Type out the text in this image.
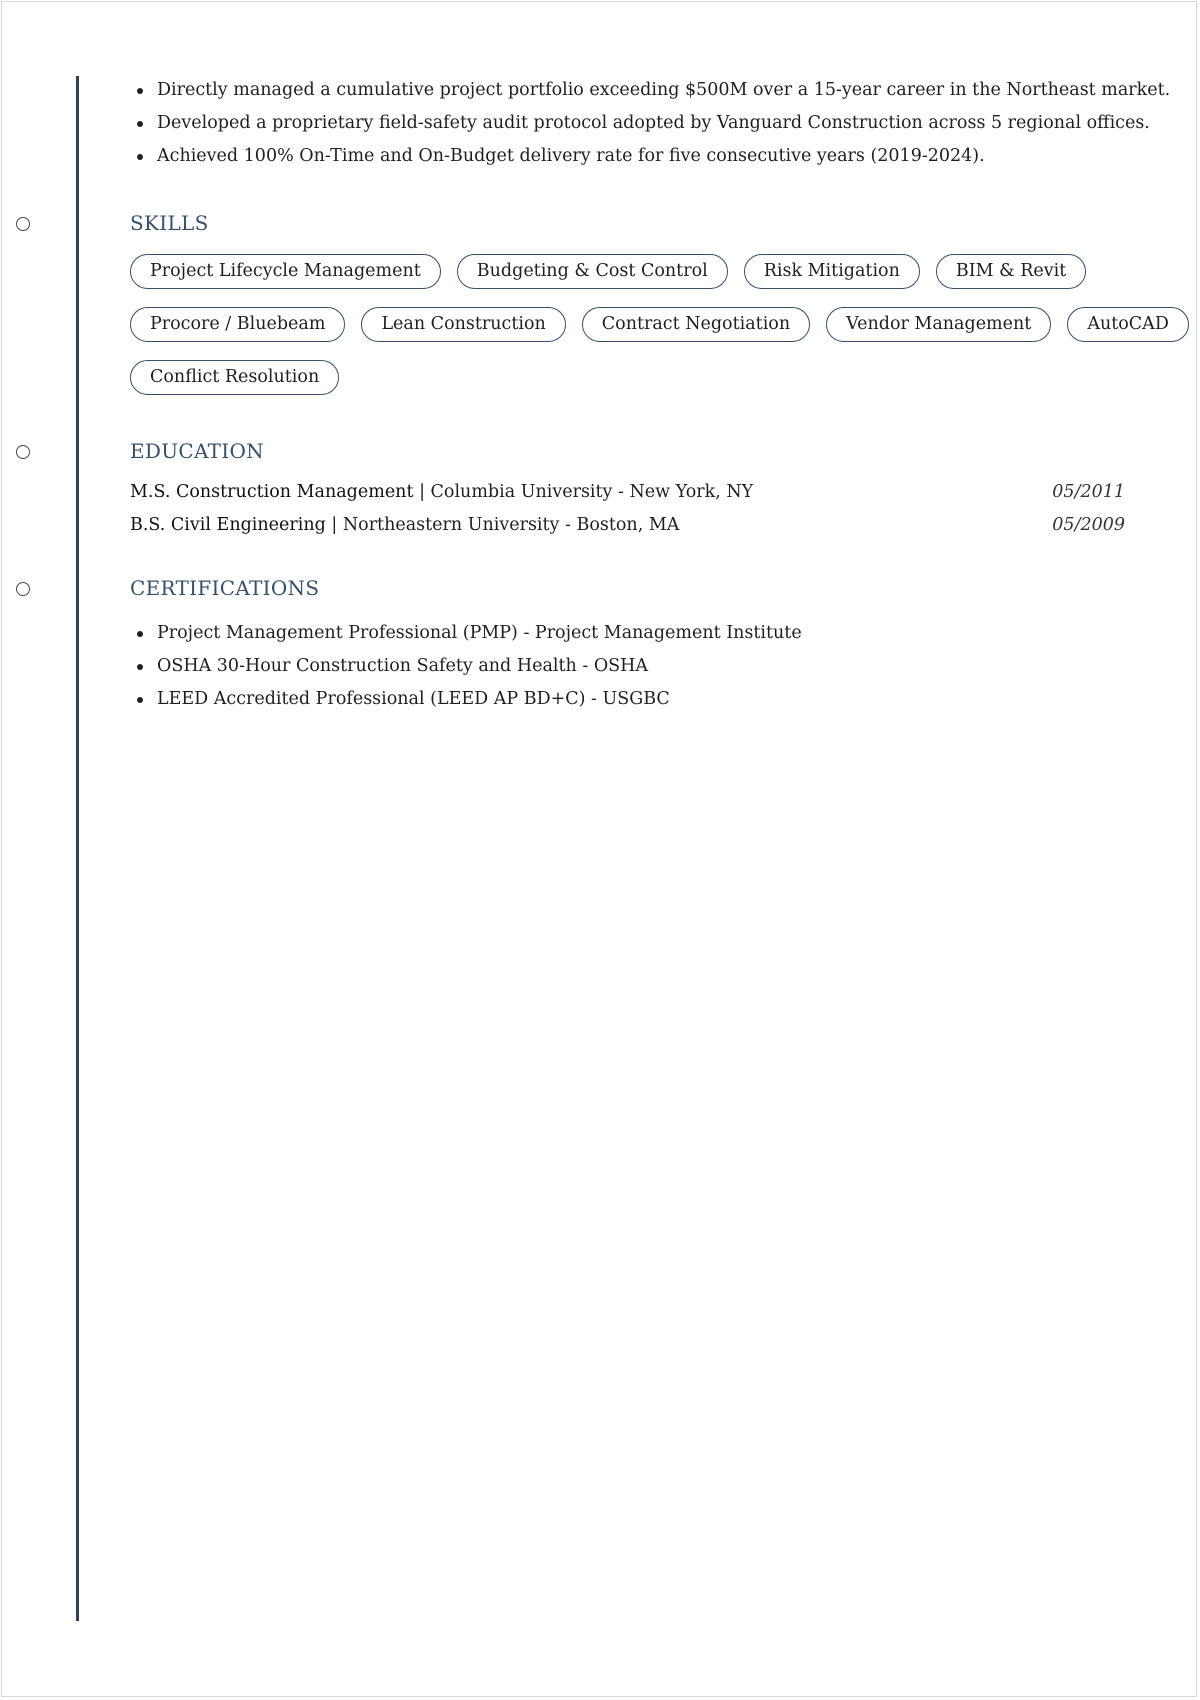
Directly managed a cumulative project portfolio exceeding $500M over a 15-year career in the Northeast market.
Developed a proprietary field-safety audit protocol adopted by Vanguard Construction across 5 regional offices.
Achieved 100% On-Time and On-Budget delivery rate for five consecutive years (2019-2024).
SKILLS
Project Lifecycle Management	Budgeting & Cost Control	Risk Mitigation	BIM & Revit
Procore / Bluebeam	Lean Construction	Contract Negotiation	Vendor Management	AutoCAD
Conflict Resolution
EDUCATION
M.S. Construction Management | Columbia University - New York, NY	05/2011
B.S. Civil Engineering | Northeastern University - Boston, MA	05/2009
CERTIFICATIONS
Project Management Professional (PMP) - Project Management Institute
OSHA 30-Hour Construction Safety and Health - OSHA
LEED Accredited Professional (LEED AP BD+C) - USGBC
